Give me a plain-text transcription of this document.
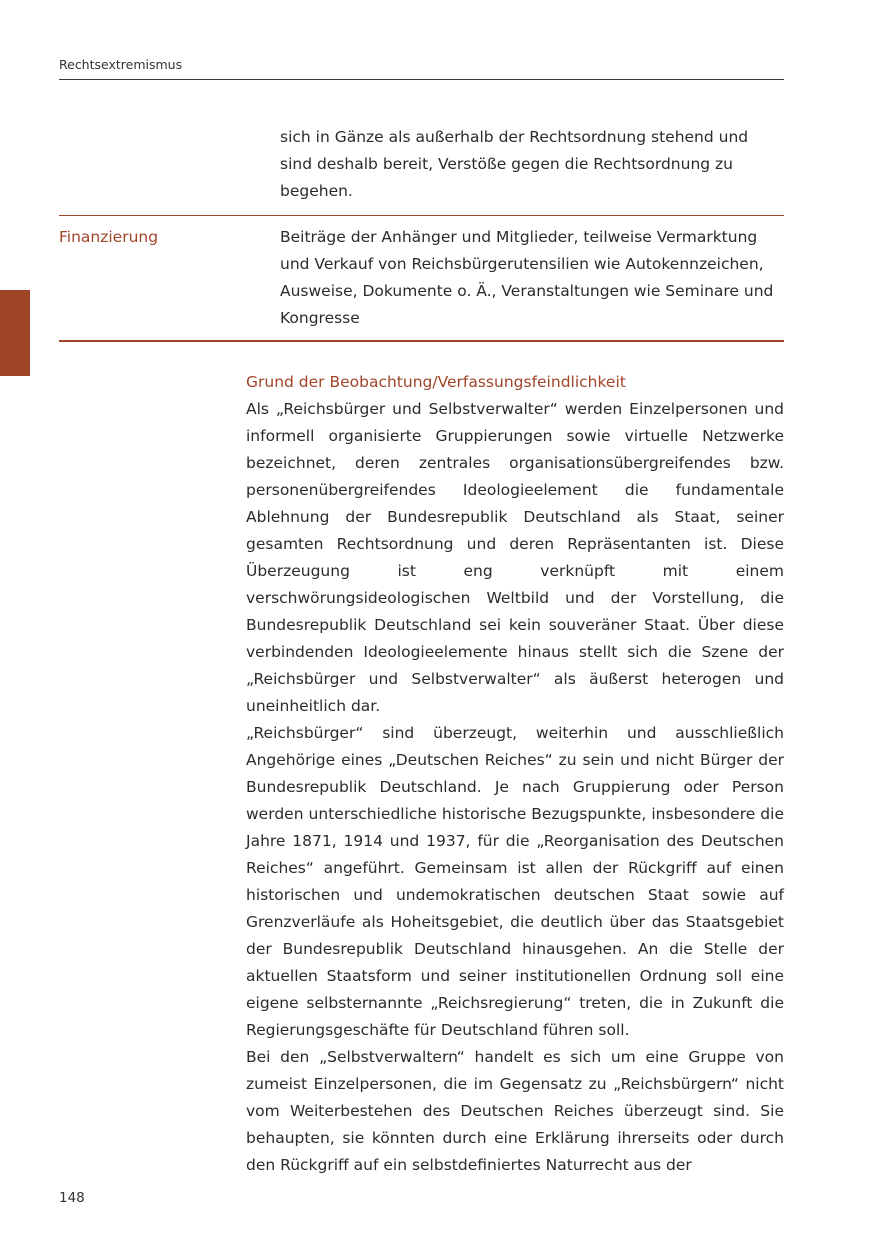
Rechtsextremismus
sich in Gänze als außerhalb der Rechtsordnung stehend und sind deshalb bereit, Verstöße gegen die Rechtsordnung zu begehen.
Finanzierung	Beiträge der Anhänger und Mitglieder, teilweise Vermarktung und Verkauf von Reichsbürgerutensilien wie Autokennzeichen, Ausweise, Dokumente o. Ä., Veranstaltungen wie Seminare und Kongresse
Grund der Beobachtung/Verfassungsfeindlichkeit

Als „Reichsbürger und Selbstverwalter“ werden Einzelpersonen und informell organisierte Gruppierungen sowie virtuelle Netzwerke bezeichnet, deren zentrales organisationsübergreifendes bzw. personenübergreifendes Ideologieelement die fundamentale Ablehnung der Bundesrepublik Deutschland als Staat, seiner gesamten Rechtsordnung und deren Repräsentanten ist. Diese Überzeugung ist eng verknüpft mit einem verschwörungsideologischen Weltbild und der Vorstellung, die Bundesrepublik Deutschland sei kein souveräner Staat. Über diese verbindenden Ideologieelemente hinaus stellt sich die Szene der „Reichsbürger und Selbstverwalter“ als äußerst heterogen und uneinheitlich dar.

„Reichsbürger“ sind überzeugt, weiterhin und ausschließlich Angehörige eines „Deutschen Reiches“ zu sein und nicht Bürger der Bundesrepublik Deutschland. Je nach Gruppierung oder Person werden unterschiedliche historische Bezugspunkte, insbesondere die Jahre 1871, 1914 und 1937, für die „Reorganisation des Deutschen Reiches“ angeführt. Gemeinsam ist allen der Rückgriff auf einen historischen und undemokratischen deutschen Staat sowie auf Grenzverläufe als Hoheitsgebiet, die deutlich über das Staatsgebiet der Bundesrepublik Deutschland hinausgehen. An die Stelle der aktuellen Staatsform und seiner institutionellen Ordnung soll eine eigene selbsternannte „Reichsregierung“ treten, die in Zukunft die Regierungsgeschäfte für Deutschland führen soll.

Bei den „Selbstverwaltern“ handelt es sich um eine Gruppe von zumeist Einzelpersonen, die im Gegensatz zu „Reichsbürgern“ nicht vom Weiterbestehen des Deutschen Reiches überzeugt sind. Sie behaupten, sie könnten durch eine Erklärung ihrerseits oder durch den Rückgriff auf ein selbstdefiniertes Naturrecht aus der

148
